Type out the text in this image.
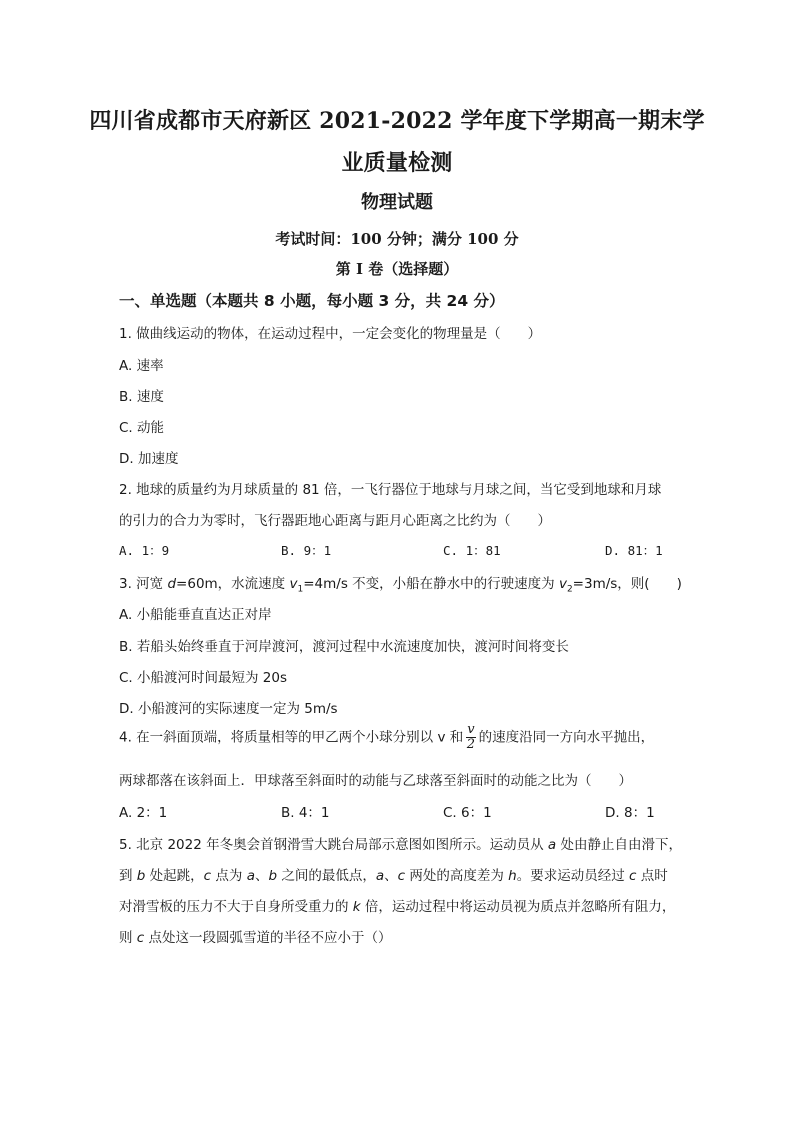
四川省成都市天府新区 2021-2022 学年度下学期高一期末学
业质量检测
物理试题
考试时间：100 分钟；满分 100 分
第 I 卷（选择题）
一、单选题（本题共 8 小题，每小题 3 分，共 24 分）
1. 做曲线运动的物体，在运动过程中，一定会变化的物理量是（　　）
A. 速率
B. 速度
C. 动能
D. 加速度
2. 地球的质量约为月球质量的 81 倍，一飞行器位于地球与月球之间，当它受到地球和月球
的引力的合力为零时，飞行器距地心距离与距月心距离之比约为（　　）
A. 1：9	B. 9：1	C. 1：81	D. 81：1
3. 河宽 d=60m，水流速度 $v_1=4m/s$ 不变，小船在静水中的行驶速度为 $v_2=3m/s$，则(　　)
A. 小船能垂直直达正对岸
B. 若船头始终垂直于河岸渡河，渡河过程中水流速度加快，渡河时间将变长
C. 小船渡河时间最短为 20s
D. 小船渡河的实际速度一定为 5m/s
4. 在一斜面顶端，将质量相等的甲乙两个小球分别以 v 和 $\frac{v}{2}$ 的速度沿同一方向水平抛出，
两球都落在该斜面上．甲球落至斜面时的动能与乙球落至斜面时的动能之比为（　　）
A. 2：1	B. 4：1	C. 6：1	D. 8：1
5. 北京 2022 年冬奥会首钢滑雪大跳台局部示意图如图所示。运动员从 a 处由静止自由滑下，
到 b 处起跳，c 点为 a、b 之间的最低点，a、c 两处的高度差为 h。要求运动员经过 c 点时
对滑雪板的压力不大于自身所受重力的 k 倍，运动过程中将运动员视为质点并忽略所有阻力，
则 c 点处这一段圆弧雪道的半径不应小于（）
